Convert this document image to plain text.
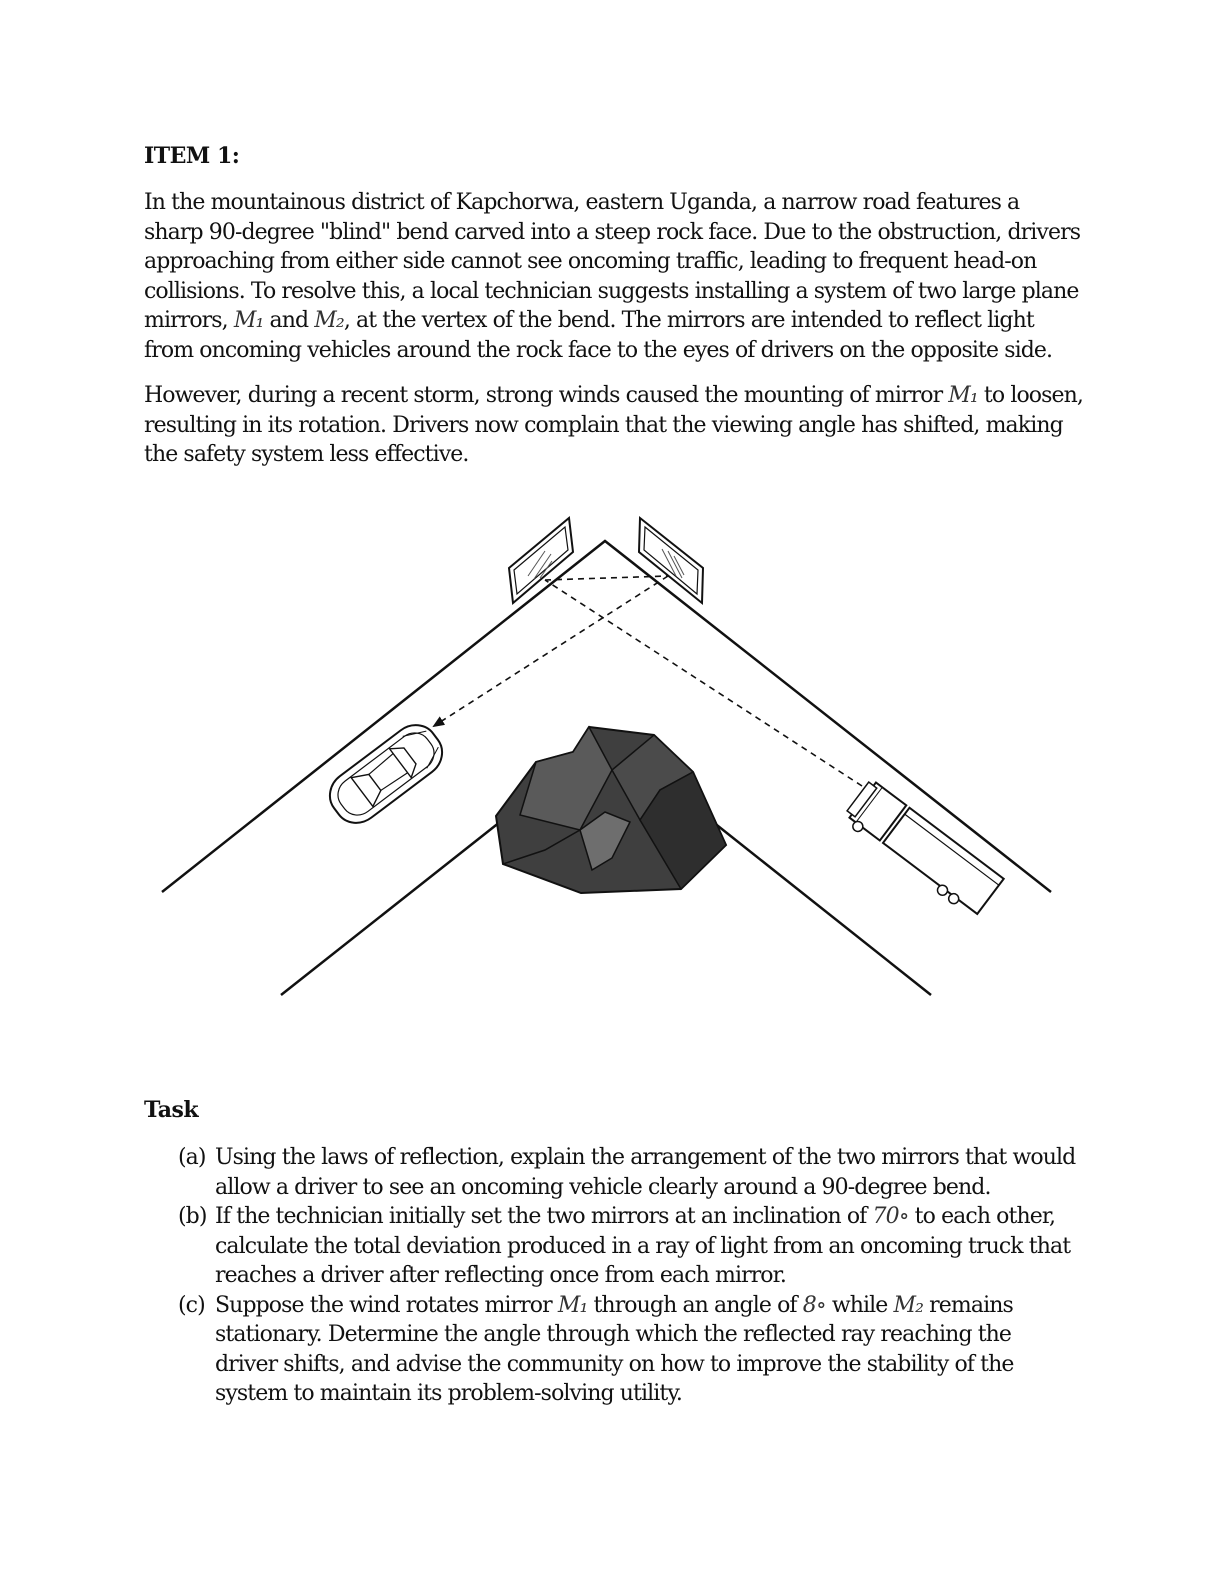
ITEM 1:

In the mountainous district of Kapchorwa, eastern Uganda, a narrow road features a sharp 90-degree "blind" bend carved into a steep rock face. Due to the obstruction, drivers approaching from either side cannot see oncoming traffic, leading to frequent head-on collisions. To resolve this, a local technician suggests installing a system of two large plane mirrors, M₁ and M₂, at the vertex of the bend. The mirrors are intended to reflect light from oncoming vehicles around the rock face to the eyes of drivers on the opposite side.

However, during a recent storm, strong winds caused the mounting of mirror M₁ to loosen, resulting in its rotation. Drivers now complain that the viewing angle has shifted, making the safety system less effective.

Task
(a) Using the laws of reflection, explain the arrangement of the two mirrors that would allow a driver to see an oncoming vehicle clearly around a 90-degree bend.
(b) If the technician initially set the two mirrors at an inclination of 70∘ to each other, calculate the total deviation produced in a ray of light from an oncoming truck that reaches a driver after reflecting once from each mirror.
(c) Suppose the wind rotates mirror M₁ through an angle of 8∘ while M₂ remains stationary. Determine the angle through which the reflected ray reaching the driver shifts, and advise the community on how to improve the stability of the system to maintain its problem-solving utility.
